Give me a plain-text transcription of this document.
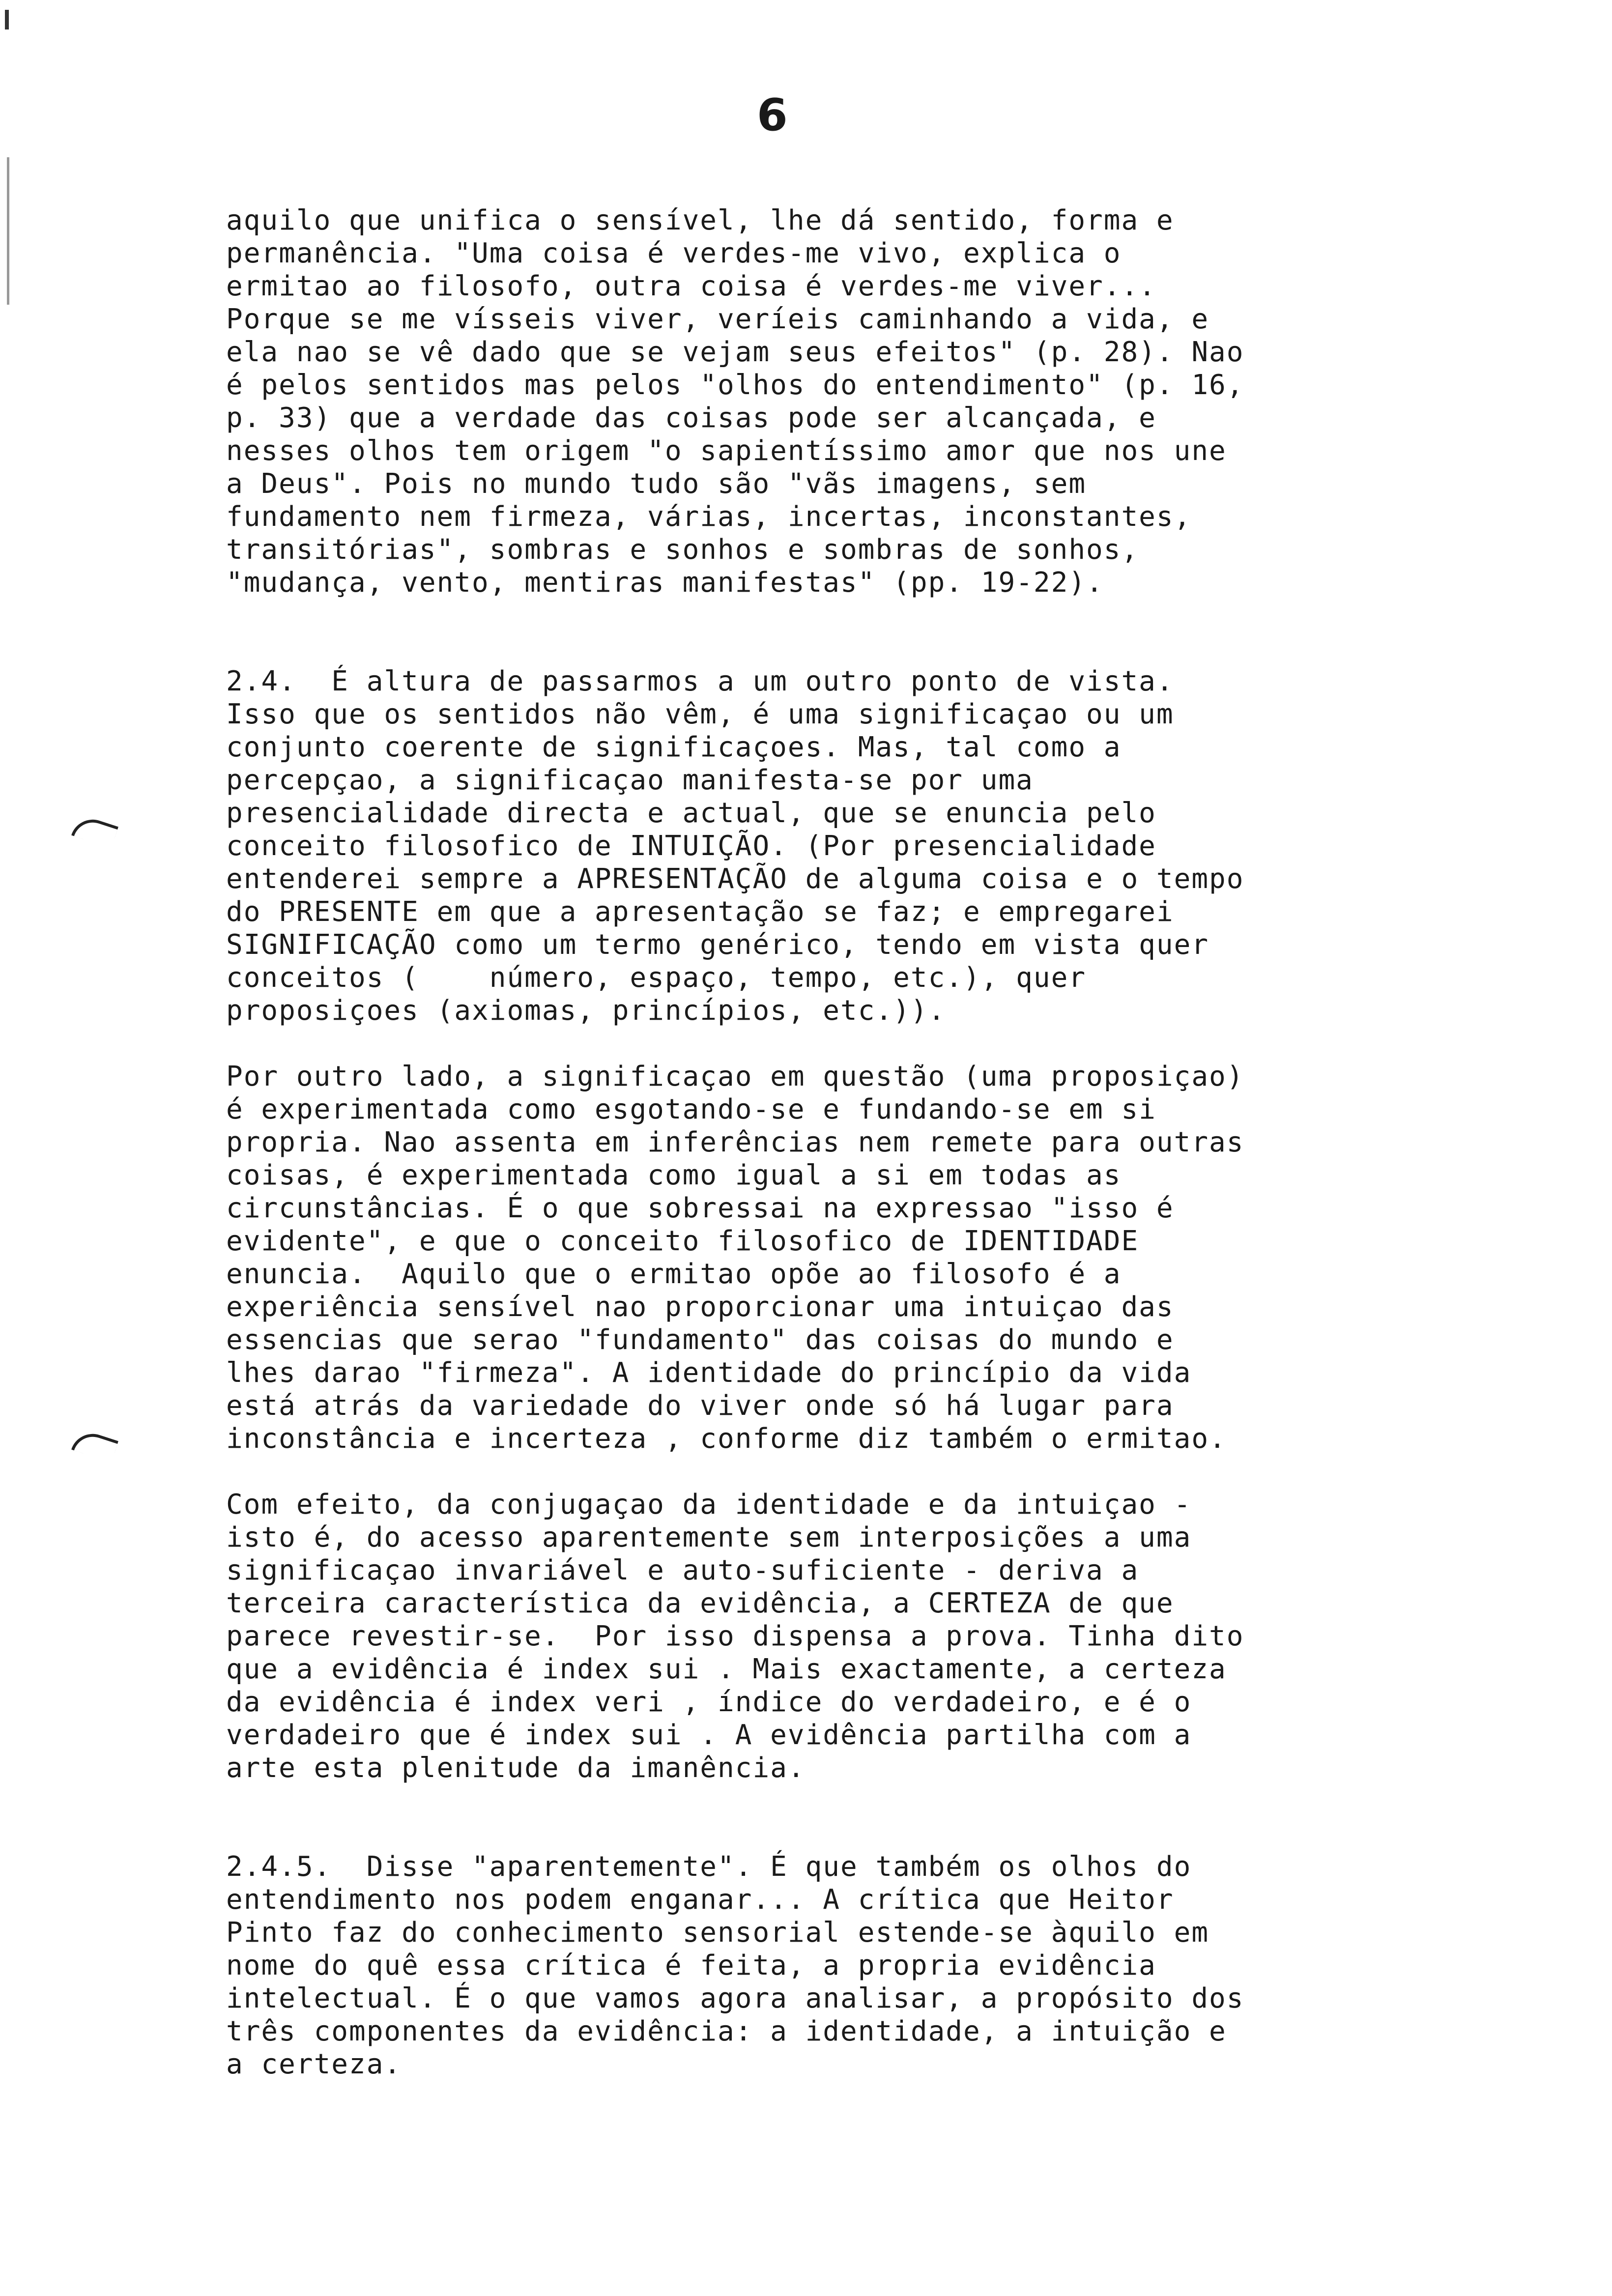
6
aquilo que unifica o sensível, lhe dá sentido, forma e
permanência. "Uma coisa é verdes-me vivo, explica o
ermitao ao filosofo, outra coisa é verdes-me viver...
Porque se me vísseis viver, veríeis caminhando a vida, e
ela nao se vê dado que se vejam seus efeitos" (p. 28). Nao
é pelos sentidos mas pelos "olhos do entendimento" (p. 16,
p. 33) que a verdade das coisas pode ser alcançada, e
nesses olhos tem origem "o sapientíssimo amor que nos une
a Deus". Pois no mundo tudo são "vãs imagens, sem
fundamento nem firmeza, várias, incertas, inconstantes,
transitórias", sombras e sonhos e sombras de sonhos,
"mudança, vento, mentiras manifestas" (pp. 19-22).
2.4.  É altura de passarmos a um outro ponto de vista.
Isso que os sentidos não vêm, é uma significaçao ou um
conjunto coerente de significaçoes. Mas, tal como a
percepçao, a significaçao manifesta-se por uma
presencialidade directa e actual, que se enuncia pelo
conceito filosofico de INTUIÇÃO. (Por presencialidade
entenderei sempre a APRESENTAÇÃO de alguma coisa e o tempo
do PRESENTE em que a apresentação se faz; e empregarei
SIGNIFICAÇÃO como um termo genérico, tendo em vista quer
conceitos (    número, espaço, tempo, etc.), quer
proposiçoes (axiomas, princípios, etc.)).
Por outro lado, a significaçao em questão (uma proposiçao)
é experimentada como esgotando-se e fundando-se em si
propria. Nao assenta em inferências nem remete para outras
coisas, é experimentada como igual a si em todas as
circunstâncias. É o que sobressai na expressao "isso é
evidente", e que o conceito filosofico de IDENTIDADE
enuncia.  Aquilo que o ermitao opõe ao filosofo é a
experiência sensível nao proporcionar uma intuiçao das
essencias que serao "fundamento" das coisas do mundo e
lhes darao "firmeza". A identidade do princípio da vida
está atrás da variedade do viver onde só há lugar para
inconstância e incerteza , conforme diz também o ermitao.
Com efeito, da conjugaçao da identidade e da intuiçao -
isto é, do acesso aparentemente sem interposições a uma
significaçao invariável e auto-suficiente - deriva a
terceira característica da evidência, a CERTEZA de que
parece revestir-se.  Por isso dispensa a prova. Tinha dito
que a evidência é index sui . Mais exactamente, a certeza
da evidência é index veri , índice do verdadeiro, e é o
verdadeiro que é index sui . A evidência partilha com a
arte esta plenitude da imanência.
2.4.5.  Disse "aparentemente". É que também os olhos do
entendimento nos podem enganar... A crítica que Heitor
Pinto faz do conhecimento sensorial estende-se àquilo em
nome do quê essa crítica é feita, a propria evidência
intelectual. É o que vamos agora analisar, a propósito dos
três componentes da evidência: a identidade, a intuição e
a certeza.
